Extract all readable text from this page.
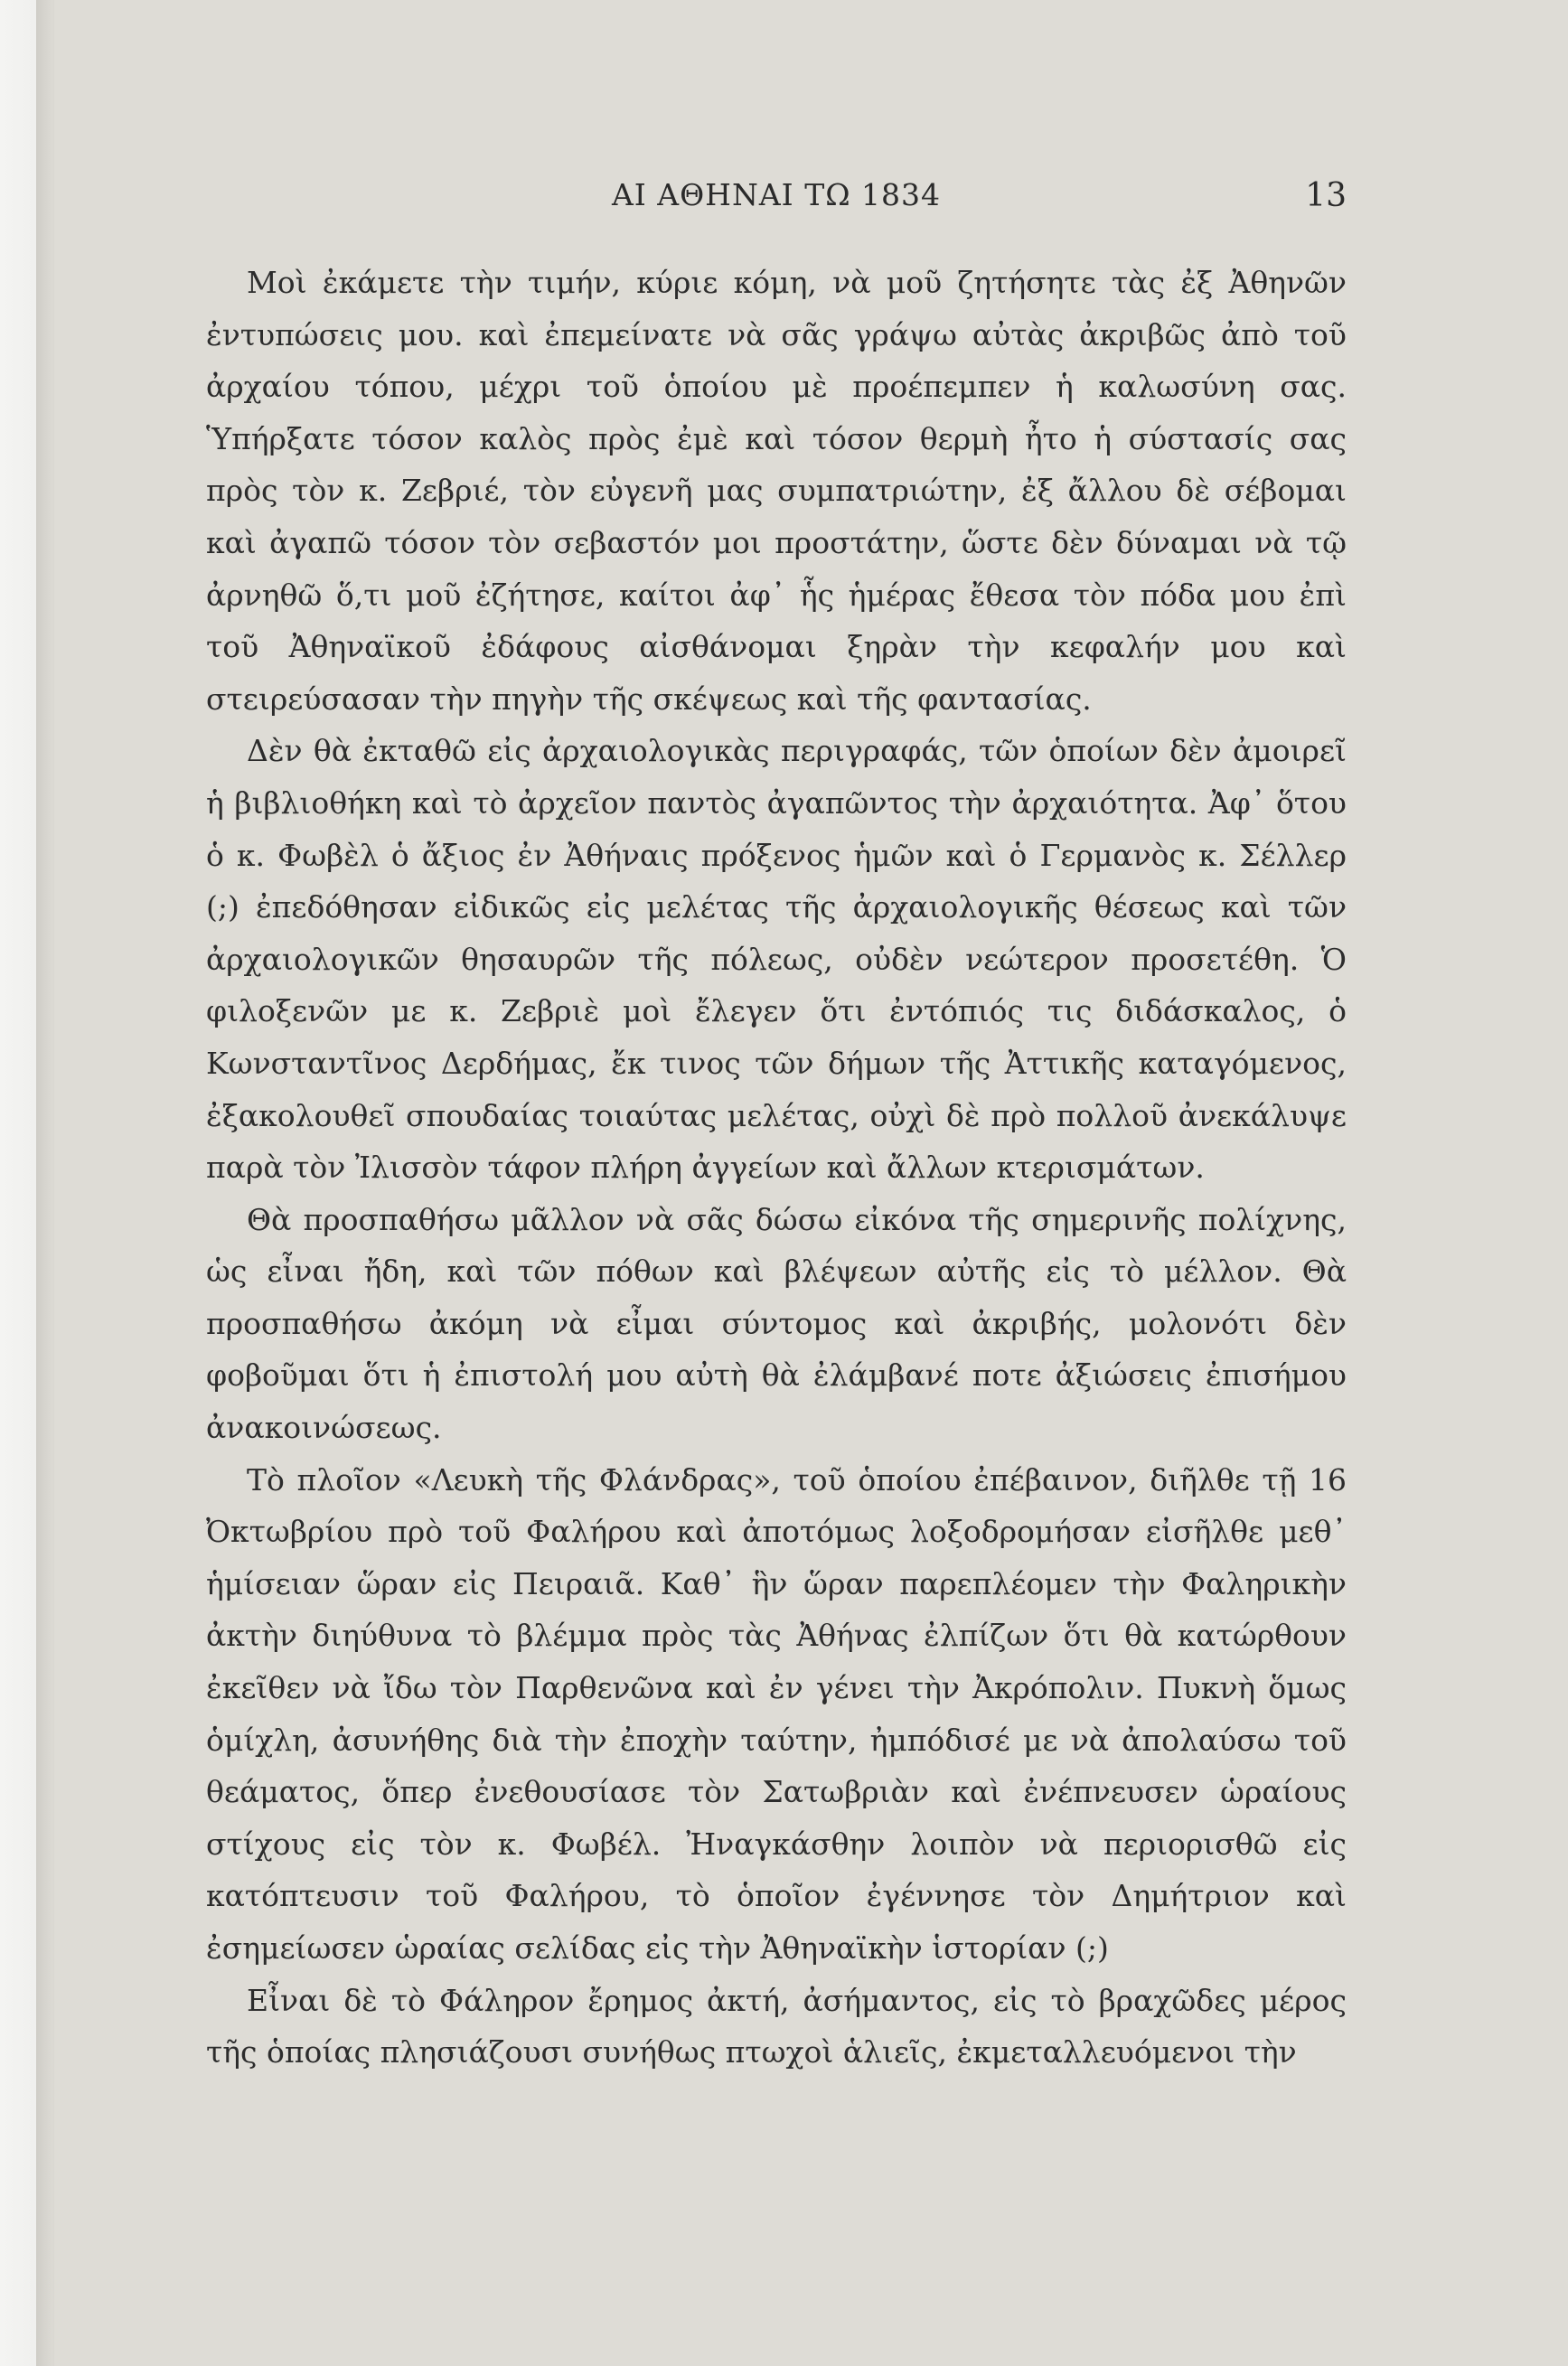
ΑΙ ΑΘΗΝΑΙ ΤΩ 1834	13

Μοὶ ἐκάμετε τὴν τιμήν, κύριε κόμη, νὰ μοῦ ζητήσητε τὰς ἐξ Ἀθηνῶν ἐντυπώσεις μου. καὶ ἐπεμείνατε νὰ σᾶς γράψω αὐτὰς ἀκριβῶς ἀπὸ τοῦ ἀρχαίου τόπου, μέχρι τοῦ ὁποίου μὲ προέπεμπεν ἡ καλωσύνη σας. Ὑπήρξατε τόσον καλὸς πρὸς ἐμὲ καὶ τόσον θερμὴ ἦτο ἡ σύστασίς σας πρὸς τὸν κ. Ζεβριέ, τὸν εὐγενῆ μας συμπατριώτην, ἐξ ἄλλου δὲ σέβομαι καὶ ἀγαπῶ τόσον τὸν σεβαστόν μοι προστάτην, ὥστε δὲν δύναμαι νὰ τῷ ἀρνηθῶ ὅ,τι μοῦ ἐζήτησε, καίτοι ἀφ᾽ ἧς ἡμέρας ἔθεσα τὸν πόδα μου ἐπὶ τοῦ Ἀθηναϊκοῦ ἐδάφους αἰσθάνομαι ξηρὰν τὴν κεφαλήν μου καὶ στειρεύσασαν τὴν πηγὴν τῆς σκέψεως καὶ τῆς φαντασίας.

Δὲν θὰ ἐκταθῶ εἰς ἀρχαιολογικὰς περιγραφάς, τῶν ὁποίων δὲν ἀμοιρεῖ ἡ βιβλιοθήκη καὶ τὸ ἀρχεῖον παντὸς ἀγαπῶντος τὴν ἀρχαιότητα. Ἀφ᾽ ὅτου ὁ κ. Φωβὲλ ὁ ἄξιος ἐν Ἀθήναις πρόξενος ἡμῶν καὶ ὁ Γερμανὸς κ. Σέλλερ (;) ἐπεδόθησαν εἰδικῶς εἰς μελέτας τῆς ἀρχαιολογικῆς θέσεως καὶ τῶν ἀρχαιολογικῶν θησαυρῶν τῆς πόλεως, οὐδὲν νεώτερον προσετέθη. Ὁ φιλοξενῶν με κ. Ζεβριὲ μοὶ ἔλεγεν ὅτι ἐντόπιός τις διδάσκαλος, ὁ Κωνσταντῖνος Δερδήμας, ἔκ τινος τῶν δήμων τῆς Ἀττικῆς καταγόμενος, ἐξακολουθεῖ σπουδαίας τοιαύτας μελέτας, οὐχὶ δὲ πρὸ πολλοῦ ἀνεκάλυψε παρὰ τὸν Ἰλισσὸν τάφον πλήρη ἀγγείων καὶ ἄλλων κτερισμάτων.

Θὰ προσπαθήσω μᾶλλον νὰ σᾶς δώσω εἰκόνα τῆς σημερινῆς πολίχνης, ὡς εἶναι ἤδη, καὶ τῶν πόθων καὶ βλέψεων αὐτῆς εἰς τὸ μέλλον. Θὰ προσπαθήσω ἀκόμη νὰ εἶμαι σύντομος καὶ ἀκριβής, μολονότι δὲν φοβοῦμαι ὅτι ἡ ἐπιστολή μου αὐτὴ θὰ ἐλάμβανέ ποτε ἀξιώσεις ἐπισήμου ἀνακοινώσεως.

Τὸ πλοῖον «Λευκὴ τῆς Φλάνδρας», τοῦ ὁποίου ἐπέβαινον, διῆλθε τῇ 16 Ὀκτωβρίου πρὸ τοῦ Φαλήρου καὶ ἀποτόμως λοξοδρομήσαν εἰσῆλθε μεθ᾽ ἡμίσειαν ὥραν εἰς Πειραιᾶ. Καθ᾽ ἣν ὥραν παρεπλέομεν τὴν Φαληρικὴν ἀκτὴν διηύθυνα τὸ βλέμμα πρὸς τὰς Ἀθήνας ἐλπίζων ὅτι θὰ κατώρθουν ἐκεῖθεν νὰ ἴδω τὸν Παρθενῶνα καὶ ἐν γένει τὴν Ἀκρόπολιν. Πυκνὴ ὅμως ὁμίχλη, ἀσυνήθης διὰ τὴν ἐποχὴν ταύτην, ἠμπόδισέ με νὰ ἀπολαύσω τοῦ θεάματος, ὅπερ ἐνεθουσίασε τὸν Σατωβριὰν καὶ ἐνέπνευσεν ὡραίους στίχους εἰς τὸν κ. Φωβέλ. Ἠναγκάσθην λοιπὸν νὰ περιορισθῶ εἰς κατόπτευσιν τοῦ Φαλήρου, τὸ ὁποῖον ἐγέννησε τὸν Δημήτριον καὶ ἐσημείωσεν ὡραίας σελίδας εἰς τὴν Ἀθηναϊκὴν ἱστορίαν (;)

Εἶναι δὲ τὸ Φάληρον ἔρημος ἀκτή, ἀσήμαντος, εἰς τὸ βραχῶδες μέρος τῆς ὁποίας πλησιάζουσι συνήθως πτωχοὶ ἁλιεῖς, ἐκμεταλλευόμενοι τὴν
